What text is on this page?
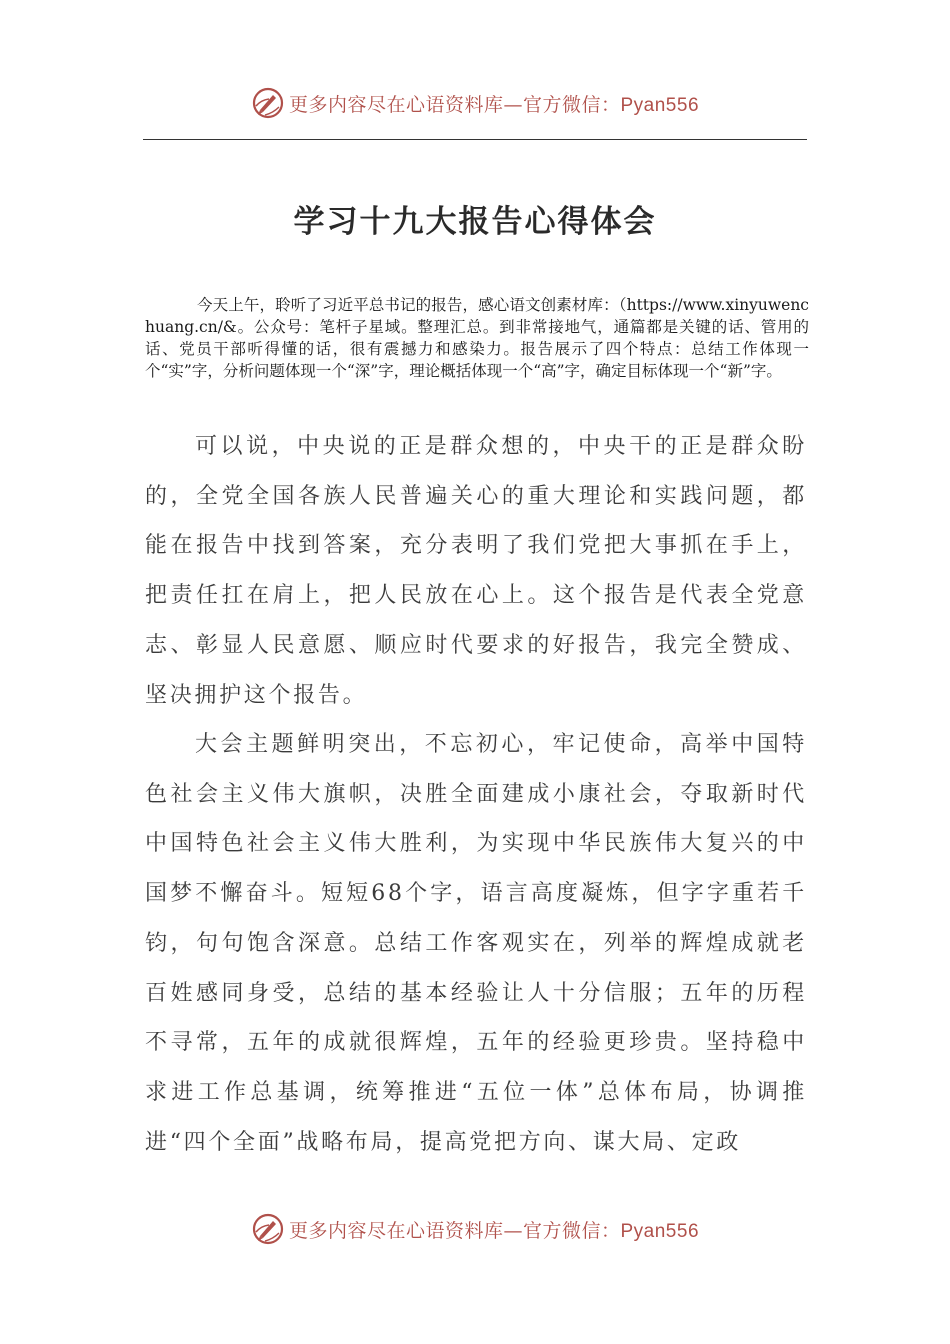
更多内容尽在心语资料库—官方微信：Pyan556
学习十九大报告心得体会

今天上午，聆听了习近平总书记的报告，感心语文创素材库：（https://www.xinyuwenchuang.cn/&。公众号：笔杆子星域。整理汇总。到非常接地气，通篇都是关键的话、管用的话、党员干部听得懂的话，很有震撼力和感染力。报告展示了四个特点：总结工作体现一个“实”字，分析问题体现一个“深”字，理论概括体现一个“高”字，确定目标体现一个“新”字。

可以说，中央说的正是群众想的，中央干的正是群众盼的，全党全国各族人民普遍关心的重大理论和实践问题，都能在报告中找到答案，充分表明了我们党把大事抓在手上，把责任扛在肩上，把人民放在心上。这个报告是代表全党意志、彰显人民意愿、顺应时代要求的好报告，我完全赞成、坚决拥护这个报告。

大会主题鲜明突出，不忘初心，牢记使命，高举中国特色社会主义伟大旗帜，决胜全面建成小康社会，夺取新时代中国特色社会主义伟大胜利，为实现中华民族伟大复兴的中国梦不懈奋斗。短短68个字，语言高度凝炼，但字字重若千钧，句句饱含深意。总结工作客观实在，列举的辉煌成就老百姓感同身受，总结的基本经验让人十分信服；五年的历程不寻常，五年的成就很辉煌，五年的经验更珍贵。坚持稳中求进工作总基调，统筹推进“五位一体”总体布局，协调推进“四个全面”战略布局，提高党把方向、谋大局、定政

更多内容尽在心语资料库—官方微信：Pyan556
